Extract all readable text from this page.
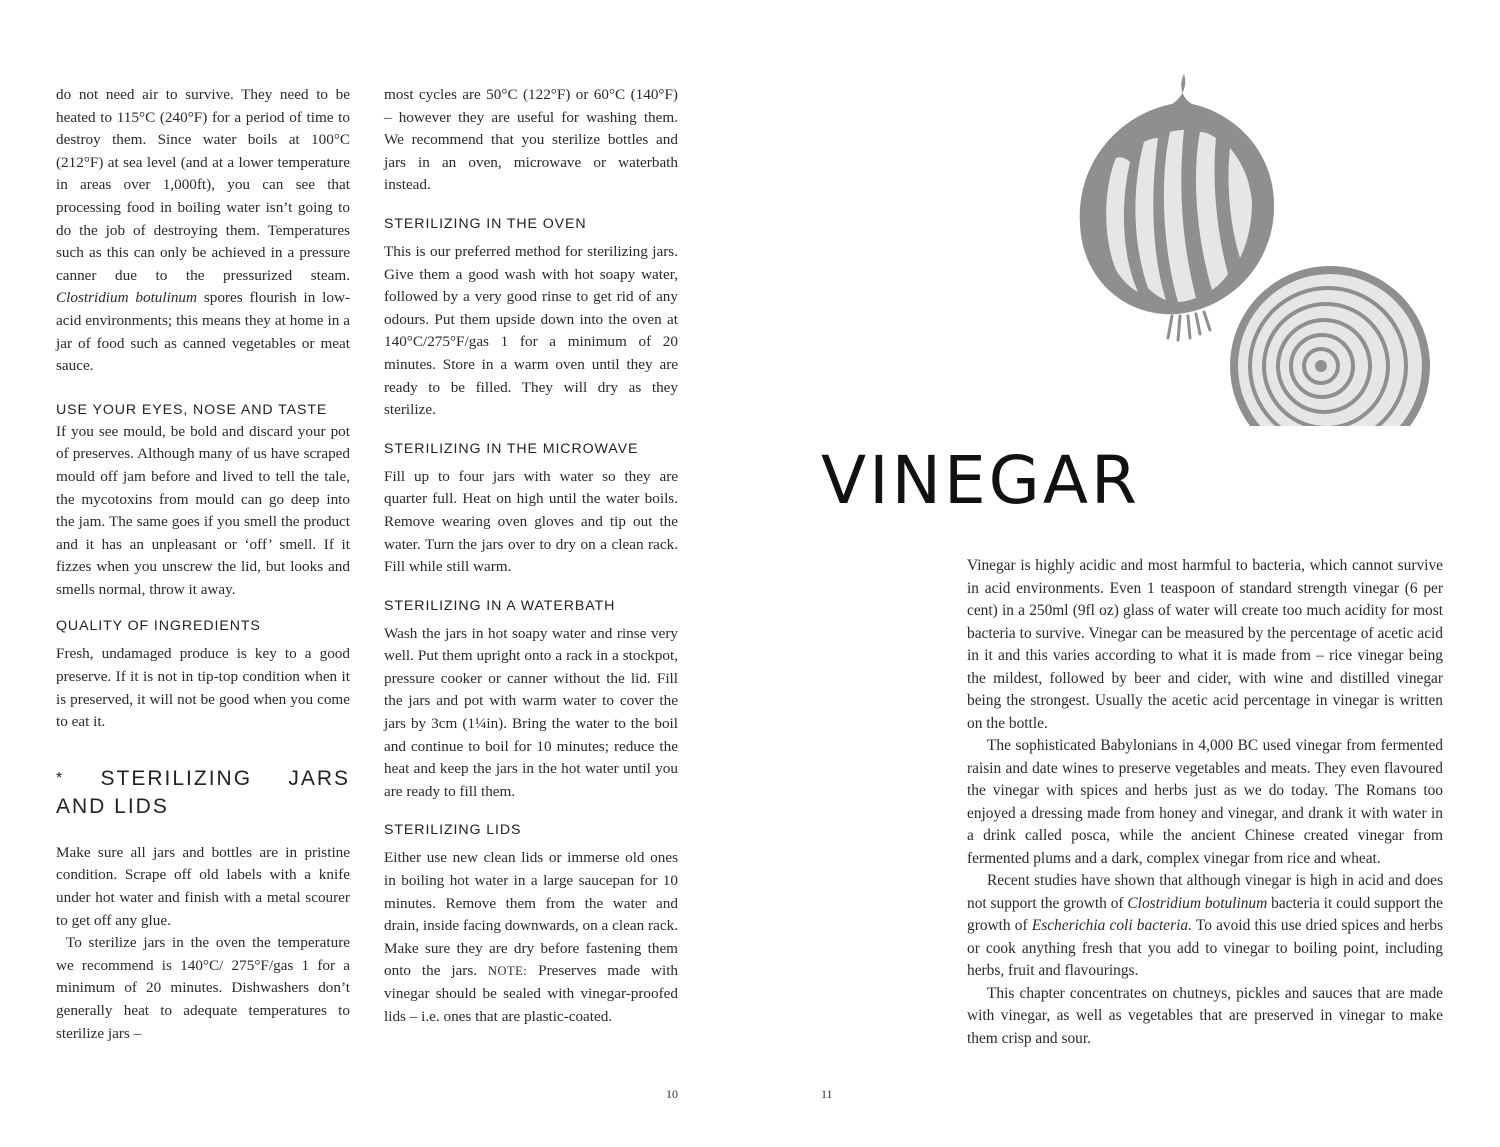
do not need air to survive. They need to be heated to 115°C (240°F) for a period of time to destroy them. Since water boils at 100°C (212°F) at sea level (and at a lower temperature in areas over 1,000ft), you can see that processing food in boiling water isn’t going to do the job of destroying them. Temperatures such as this can only be achieved in a pressure canner due to the pressurized steam. Clostridium botulinum spores flourish in low-acid environments; this means they at home in a jar of food such as canned vegetables or meat sauce.

USE YOUR EYES, NOSE AND TASTE

If you see mould, be bold and discard your pot of preserves. Although many of us have scraped mould off jam before and lived to tell the tale, the mycotoxins from mould can go deep into the jam. The same goes if you smell the product and it has an unpleasant or ‘off’ smell. If it fizzes when you unscrew the lid, but looks and smells normal, throw it away.

QUALITY OF INGREDIENTS

Fresh, undamaged produce is key to a good preserve. If it is not in tip-top condition when it is preserved, it will not be good when you come to eat it.

* STERILIZING JARS AND LIDS

Make sure all jars and bottles are in pristine condition. Scrape off old labels with a knife under hot water and finish with a metal scourer to get off any glue.

To sterilize jars in the oven the temperature we recommend is 140°C/ 275°F/gas 1 for a minimum of 20 minutes. Dishwashers don’t generally heat to adequate temperatures to sterilize jars –

most cycles are 50°C (122°F) or 60°C (140°F) – however they are useful for washing them. We recommend that you sterilize bottles and jars in an oven, microwave or waterbath instead.

STERILIZING IN THE OVEN

This is our preferred method for sterilizing jars. Give them a good wash with hot soapy water, followed by a very good rinse to get rid of any odours. Put them upside down into the oven at 140°C/275°F/gas 1 for a minimum of 20 minutes. Store in a warm oven until they are ready to be filled. They will dry as they sterilize.

STERILIZING IN THE MICROWAVE

Fill up to four jars with water so they are quarter full. Heat on high until the water boils. Remove wearing oven gloves and tip out the water. Turn the jars over to dry on a clean rack. Fill while still warm.

STERILIZING IN A WATERBATH

Wash the jars in hot soapy water and rinse very well. Put them upright onto a rack in a stockpot, pressure cooker or canner without the lid. Fill the jars and pot with warm water to cover the jars by 3cm (1¼in). Bring the water to the boil and continue to boil for 10 minutes; reduce the heat and keep the jars in the hot water until you are ready to fill them.

STERILIZING LIDS

Either use new clean lids or immerse old ones in boiling hot water in a large saucepan for 10 minutes. Remove them from the water and drain, inside facing downwards, on a clean rack. Make sure they are dry before fastening them onto the jars. NOTE: Preserves made with vinegar should be sealed with vinegar-proofed lids – i.e. ones that are plastic-coated.

10	11
VINEGAR

Vinegar is highly acidic and most harmful to bacteria, which cannot survive in acid environments. Even 1 teaspoon of standard strength vinegar (6 per cent) in a 250ml (9fl oz) glass of water will create too much acidity for most bacteria to survive. Vinegar can be measured by the percentage of acetic acid in it and this varies according to what it is made from – rice vinegar being the mildest, followed by beer and cider, with wine and distilled vinegar being the strongest. Usually the acetic acid percentage in vinegar is written on the bottle.

The sophisticated Babylonians in 4,000 BC used vinegar from fermented raisin and date wines to preserve vegetables and meats. They even flavoured the vinegar with spices and herbs just as we do today. The Romans too enjoyed a dressing made from honey and vinegar, and drank it with water in a drink called posca, while the ancient Chinese created vinegar from fermented plums and a dark, complex vinegar from rice and wheat.

Recent studies have shown that although vinegar is high in acid and does not support the growth of Clostridium botulinum bacteria it could support the growth of Escherichia coli bacteria. To avoid this use dried spices and herbs or cook anything fresh that you add to vinegar to boiling point, including herbs, fruit and flavourings.

This chapter concentrates on chutneys, pickles and sauces that are made with vinegar, as well as vegetables that are preserved in vinegar to make them crisp and sour.
